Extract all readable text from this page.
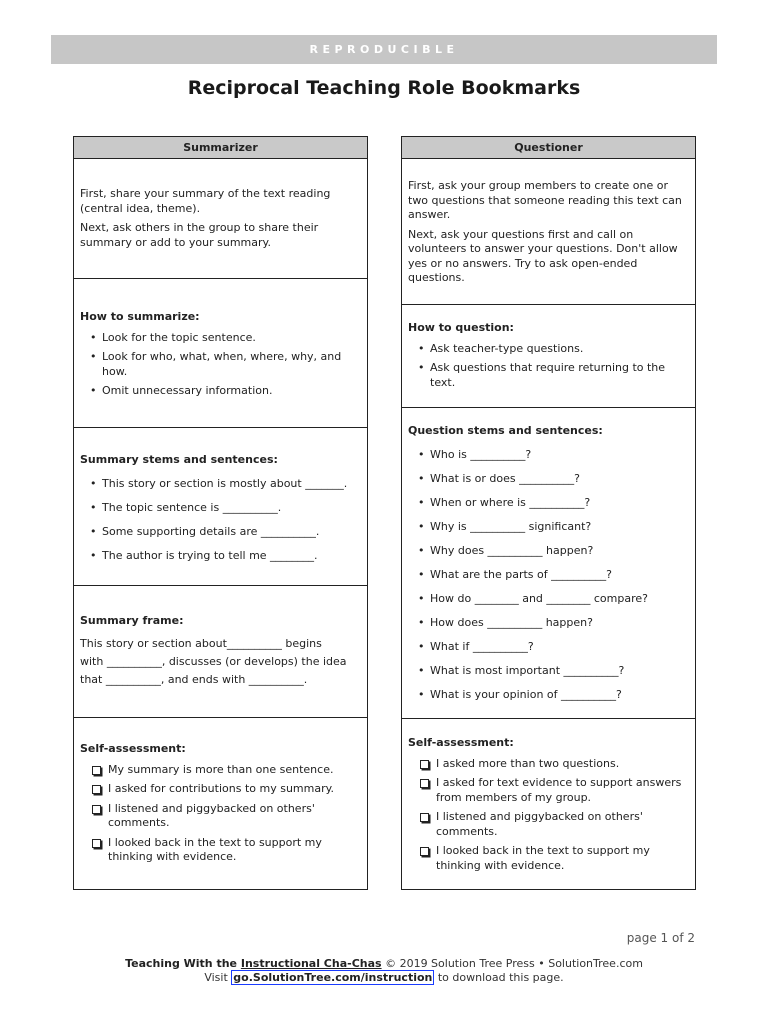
REPRODUCIBLE
Reciprocal Teaching Role Bookmarks
Summarizer

First, share your summary of the text reading (central idea, theme).

Next, ask others in the group to share their summary or add to your summary.

How to summarize:
• Look for the topic sentence.
• Look for who, what, when, where, why, and how.
• Omit unnecessary information.
Summary stems and sentences:
• This story or section is mostly about _______.
• The topic sentence is __________.
• Some supporting details are __________.
• The author is trying to tell me ________.
Summary frame:

This story or section about__________ begins

with __________, discusses (or develops) the idea

that __________, and ends with __________.

Self-assessment:
My summary is more than one sentence.
I asked for contributions to my summary.
I listened and piggybacked on others' comments.
I looked back in the text to support my thinking with evidence.
Questioner

First, ask your group members to create one or two questions that someone reading this text can answer.

Next, ask your questions first and call on volunteers to answer your questions. Don't allow yes or no answers. Try to ask open-ended questions.

How to question:
• Ask teacher-type questions.
• Ask questions that require returning to the text.
Question stems and sentences:
• Who is __________?
• What is or does __________?
• When or where is __________?
• Why is __________ significant?
• Why does __________ happen?
• What are the parts of __________?
• How do ________ and ________ compare?
• How does __________ happen?
• What if __________?
• What is most important __________?
• What is your opinion of __________?
Self-assessment:
I asked more than two questions.
I asked for text evidence to support answers from members of my group.
I listened and piggybacked on others' comments.
I looked back in the text to support my thinking with evidence.
page 1 of 2
Teaching With the Instructional Cha-Chas © 2019 Solution Tree Press • SolutionTree.com
Visit go.SolutionTree.com/instruction to download this page.
